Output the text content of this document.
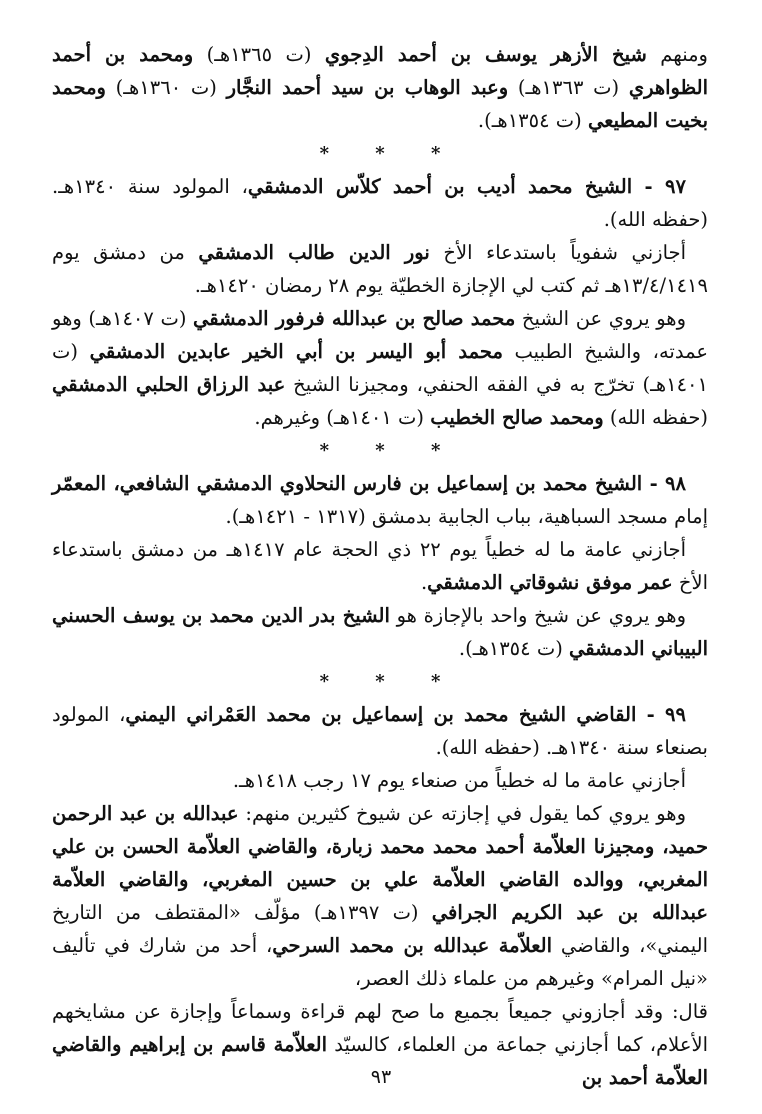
ومنهم شيخ الأزهر يوسف بن أحمد الدِجوي (ت ١٣٦٥هـ) ومحمد بن أحمد الظواهري (ت ١٣٦٣هـ) وعبد الوهاب بن سيد أحمد النجَّار (ت ١٣٦٠هـ) ومحمد بخيت المطيعي (ت ١٣٥٤هـ).

* * *

٩٧ - الشيخ محمد أديب بن أحمد كلاّس الدمشقي، المولود سنة ١٣٤٠هـ. (حفظه الله).

أجازني شفوياً باستدعاء الأخ نور الدين طالب الدمشقي من دمشق يوم ١٣/٤/١٤١٩هـ ثم كتب لي الإجازة الخطيّة يوم ٢٨ رمضان ١٤٢٠هـ.

وهو يروي عن الشيخ محمد صالح بن عبدالله فرفور الدمشقي (ت ١٤٠٧هـ) وهو عمدته، والشيخ الطبيب محمد أبو اليسر بن أبي الخير عابدين الدمشقي (ت ١٤٠١هـ) تخرّج به في الفقه الحنفي، ومجيزنا الشيخ عبد الرزاق الحلبي الدمشقي (حفظه الله) ومحمد صالح الخطيب (ت ١٤٠١هـ) وغيرهم.

* * *

٩٨ - الشيخ محمد بن إسماعيل بن فارس النحلاوي الدمشقي الشافعي، المعمّر إمام مسجد السباهية، بباب الجابية بدمشق (١٣١٧ - ١٤٢١هـ).

أجازني عامة ما له خطياً يوم ٢٢ ذي الحجة عام ١٤١٧هـ من دمشق باستدعاء الأخ عمر موفق نشوقاتي الدمشقي.

وهو يروي عن شيخ واحد بالإجازة هو الشيخ بدر الدين محمد بن يوسف الحسني البيباني الدمشقي (ت ١٣٥٤هـ).

* * *

٩٩ - القاضي الشيخ محمد بن إسماعيل بن محمد العَمْراني اليمني، المولود بصنعاء سنة ١٣٤٠هـ. (حفظه الله).

أجازني عامة ما له خطياً من صنعاء يوم ١٧ رجب ١٤١٨هـ.

وهو يروي كما يقول في إجازته عن شيوخ كثيرين منهم: عبدالله بن عبد الرحمن حميد، ومجيزنا العلاّمة أحمد محمد محمد زبارة، والقاضي العلاّمة الحسن بن علي المغربي، ووالده القاضي العلاّمة علي بن حسين المغربي، والقاضي العلاّمة عبدالله بن عبد الكريم الجرافي (ت ١٣٩٧هـ) مؤلّف «المقتطف من التاريخ اليمني»، والقاضي العلاّمة عبدالله بن محمد السرحي، أحد من شارك في تأليف «نيل المرام» وغيرهم من علماء ذلك العصر،

قال: وقد أجازوني جميعاً بجميع ما صح لهم قراءة وسماعاً وإجازة عن مشايخهم الأعلام، كما أجازني جماعة من العلماء، كالسيّد العلاّمة قاسم بن إبراهيم والقاضي العلاّمة أحمد بن

٩٣
